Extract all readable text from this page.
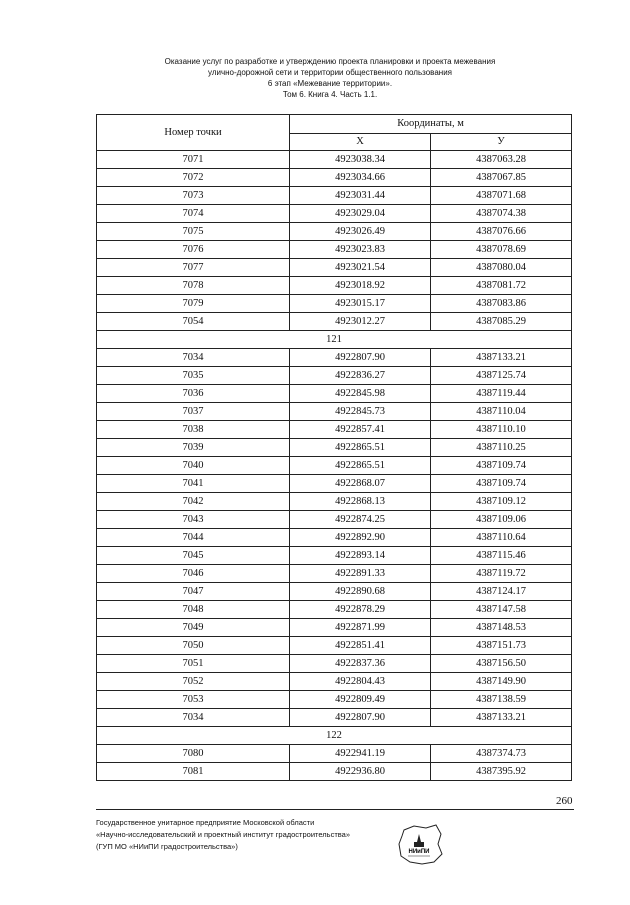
Оказание услуг по разработке и утверждению проекта планировки и проекта межевания
улично-дорожной сети и территории общественного пользования
6 этап «Межевание территории».
Том 6. Книга 4. Часть 1.1.
Номер точки	Координаты, м	
	X	У
7071	4923038.34	4387063.28
7072	4923034.66	4387067.85
7073	4923031.44	4387071.68
7074	4923029.04	4387074.38
7075	4923026.49	4387076.66
7076	4923023.83	4387078.69
7077	4923021.54	4387080.04
7078	4923018.92	4387081.72
7079	4923015.17	4387083.86
7054	4923012.27	4387085.29
121		
7034	4922807.90	4387133.21
7035	4922836.27	4387125.74
7036	4922845.98	4387119.44
7037	4922845.73	4387110.04
7038	4922857.41	4387110.10
7039	4922865.51	4387110.25
7040	4922865.51	4387109.74
7041	4922868.07	4387109.74
7042	4922868.13	4387109.12
7043	4922874.25	4387109.06
7044	4922892.90	4387110.64
7045	4922893.14	4387115.46
7046	4922891.33	4387119.72
7047	4922890.68	4387124.17
7048	4922878.29	4387147.58
7049	4922871.99	4387148.53
7050	4922851.41	4387151.73
7051	4922837.36	4387156.50
7052	4922804.43	4387149.90
7053	4922809.49	4387138.59
7034	4922807.90	4387133.21
122		
7080	4922941.19	4387374.73
7081	4922936.80	4387395.92
260
Государственное унитарное предприятие Московской области
«Научно-исследовательский и проектный институт градостроительства»
(ГУП МО «НИиПИ градостроительства»)
НИиПИ
